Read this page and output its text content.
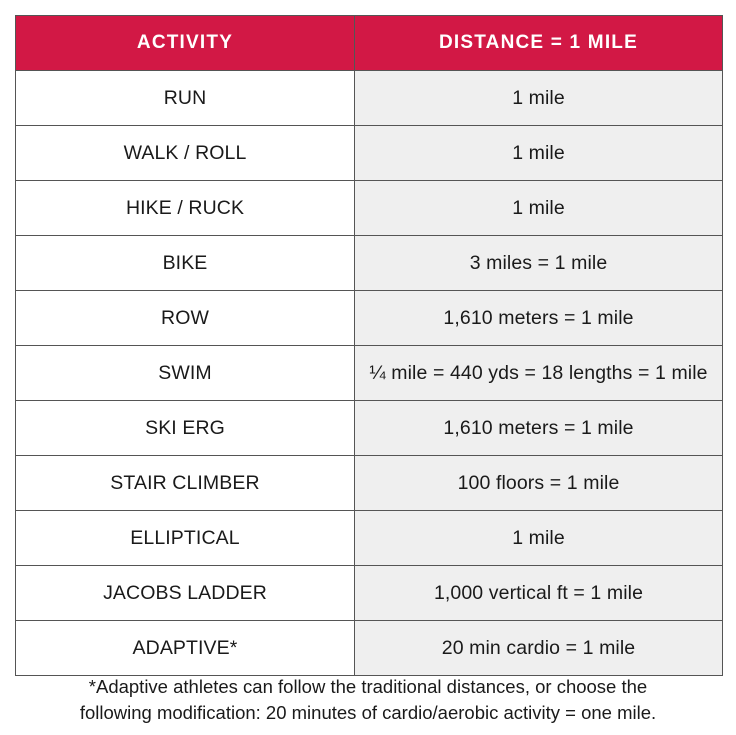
ACTIVITY	DISTANCE = 1 MILE
RUN	1 mile
WALK / ROLL	1 mile
HIKE / RUCK	1 mile
BIKE	3 miles = 1 mile
ROW	1,610 meters = 1 mile
SWIM	¼ mile = 440 yds = 18 lengths = 1 mile
SKI ERG	1,610 meters = 1 mile
STAIR CLIMBER	100 floors = 1 mile
ELLIPTICAL	1 mile
JACOBS LADDER	1,000 vertical ft = 1 mile
ADAPTIVE*	20 min cardio = 1 mile
*Adaptive athletes can follow the traditional distances, or choose the
following modification: 20 minutes of cardio/aerobic activity = one mile.
